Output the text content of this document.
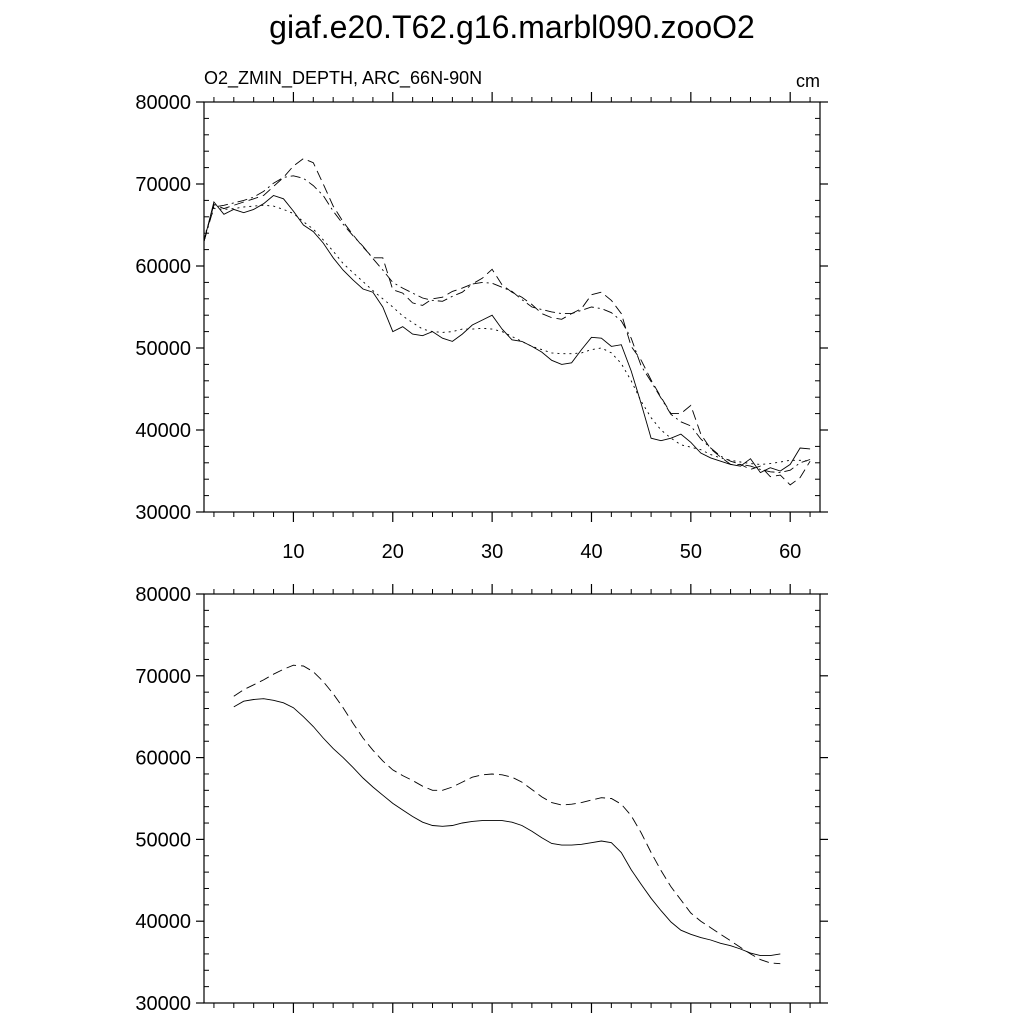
giaf.e20.T62.g16.marbl090.zooO2
O2_ZMIN_DEPTH, ARC_66N-90N	cm
30000
40000
50000
60000
70000
80000
10	20	30	40	50	60
30000
40000
50000
60000
70000
80000
